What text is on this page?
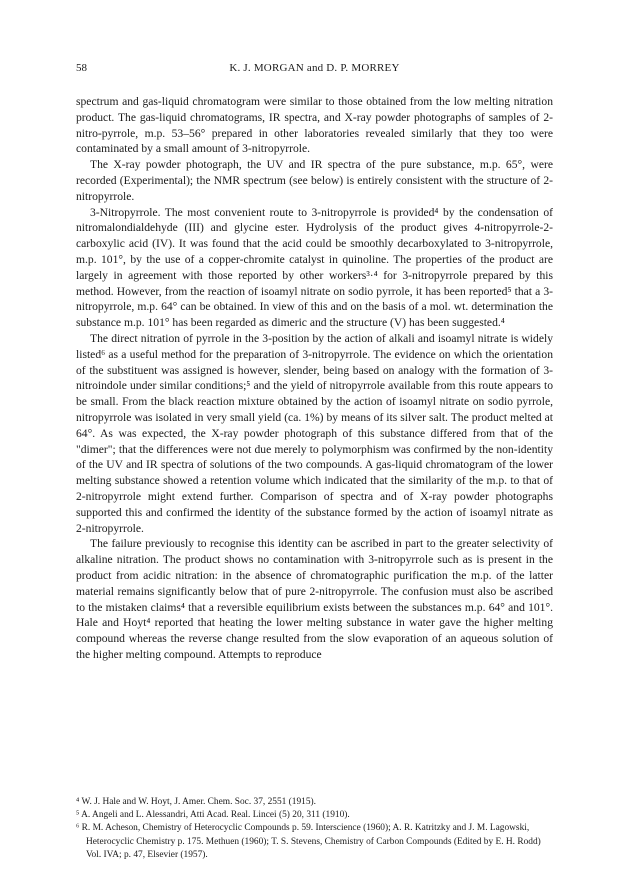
58	K. J. MORGAN and D. P. MORREY

spectrum and gas-liquid chromatogram were similar to those obtained from the low melting nitration product. The gas-liquid chromatograms, IR spectra, and X-ray powder photographs of samples of 2-nitro-pyrrole, m.p. 53–56° prepared in other laboratories revealed similarly that they too were contaminated by a small amount of 3-nitropyrrole.

The X-ray powder photograph, the UV and IR spectra of the pure substance, m.p. 65°, were recorded (Experimental); the NMR spectrum (see below) is entirely consistent with the structure of 2-nitropyrrole.

3-Nitropyrrole. The most convenient route to 3-nitropyrrole is provided⁴ by the condensation of nitromalondialdehyde (III) and glycine ester. Hydrolysis of the product gives 4-nitropyrrole-2-carboxylic acid (IV). It was found that the acid could be smoothly decarboxylated to 3-nitropyrrole, m.p. 101°, by the use of a copper-chromite catalyst in quinoline. The properties of the product are largely in agreement with those reported by other workers³·⁴ for 3-nitropyrrole prepared by this method. However, from the reaction of isoamyl nitrate on sodio pyrrole, it has been reported⁵ that a 3-nitropyrrole, m.p. 64° can be obtained. In view of this and on the basis of a mol. wt. determination the substance m.p. 101° has been regarded as dimeric and the structure (V) has been suggested.⁴

The direct nitration of pyrrole in the 3-position by the action of alkali and isoamyl nitrate is widely listed⁶ as a useful method for the preparation of 3-nitropyrrole. The evidence on which the orientation of the substituent was assigned is however, slender, being based on analogy with the formation of 3-nitroindole under similar conditions;⁵ and the yield of nitropyrrole available from this route appears to be small. From the black reaction mixture obtained by the action of isoamyl nitrate on sodio pyrrole, nitropyrrole was isolated in very small yield (ca. 1%) by means of its silver salt. The product melted at 64°. As was expected, the X-ray powder photograph of this substance differed from that of the "dimer"; that the differences were not due merely to polymorphism was confirmed by the non-identity of the UV and IR spectra of solutions of the two compounds. A gas-liquid chromatogram of the lower melting substance showed a retention volume which indicated that the similarity of the m.p. to that of 2-nitropyrrole might extend further. Comparison of spectra and of X-ray powder photographs supported this and confirmed the identity of the substance formed by the action of isoamyl nitrate as 2-nitropyrrole.

The failure previously to recognise this identity can be ascribed in part to the greater selectivity of alkaline nitration. The product shows no contamination with 3-nitropyrrole such as is present in the product from acidic nitration: in the absence of chromatographic purification the m.p. of the latter material remains significantly below that of pure 2-nitropyrrole. The confusion must also be ascribed to the mistaken claims⁴ that a reversible equilibrium exists between the substances m.p. 64° and 101°. Hale and Hoyt⁴ reported that heating the lower melting substance in water gave the higher melting compound whereas the reverse change resulted from the slow evaporation of an aqueous solution of the higher melting compound. Attempts to reproduce

⁴ W. J. Hale and W. Hoyt, J. Amer. Chem. Soc. 37, 2551 (1915).

⁵ A. Angeli and L. Alessandri, Atti Acad. Real. Lincei (5) 20, 311 (1910).

⁶ R. M. Acheson, Chemistry of Heterocyclic Compounds p. 59. Interscience (1960); A. R. Katritzky and J. M. Lagowski, Heterocyclic Chemistry p. 175. Methuen (1960); T. S. Stevens, Chemistry of Carbon Compounds (Edited by E. H. Rodd) Vol. IVA; p. 47, Elsevier (1957).
